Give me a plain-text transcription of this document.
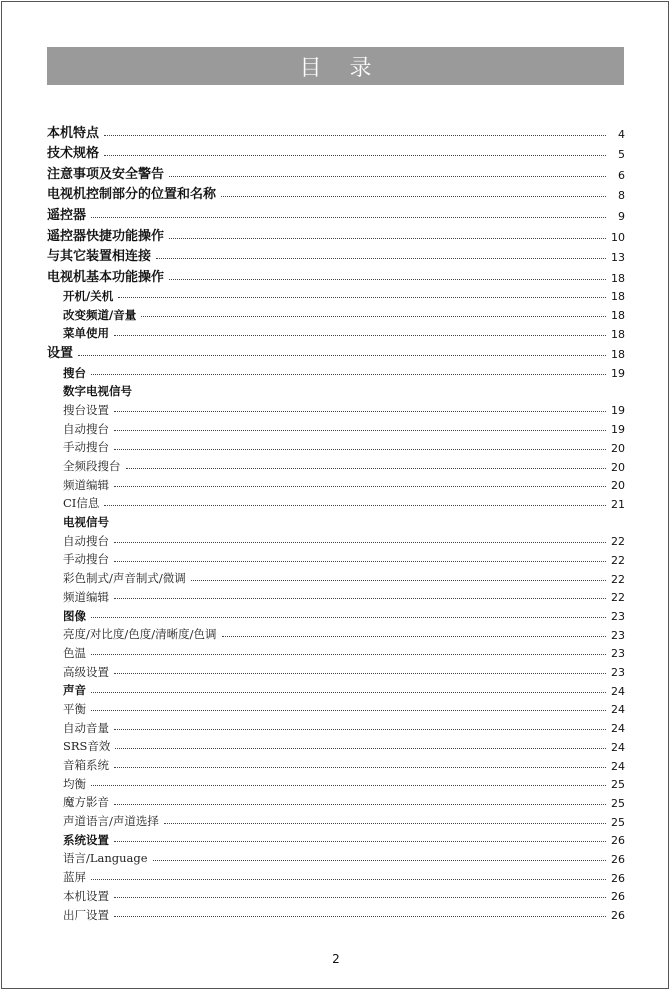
目录
本机特点	4
技术规格	5
注意事项及安全警告	6
电视机控制部分的位置和名称	8
遥控器	9
遥控器快捷功能操作	10
与其它装置相连接	13
电视机基本功能操作	18
开机/关机	18
改变频道/音量	18
菜单使用	18
设置	18
搜台	19
数字电视信号
搜台设置	19
自动搜台	19
手动搜台	20
全频段搜台	20
频道编辑	20
CI信息	21
电视信号
自动搜台	22
手动搜台	22
彩色制式/声音制式/微调	22
频道编辑	22
图像	23
亮度/对比度/色度/清晰度/色调	23
色温	23
高级设置	23
声音	24
平衡	24
自动音量	24
SRS音效	24
音箱系统	24
均衡	25
魔方影音	25
声道语言/声道选择	25
系统设置	26
语言/Language	26
蓝屏	26
本机设置	26
出厂设置	26
2
